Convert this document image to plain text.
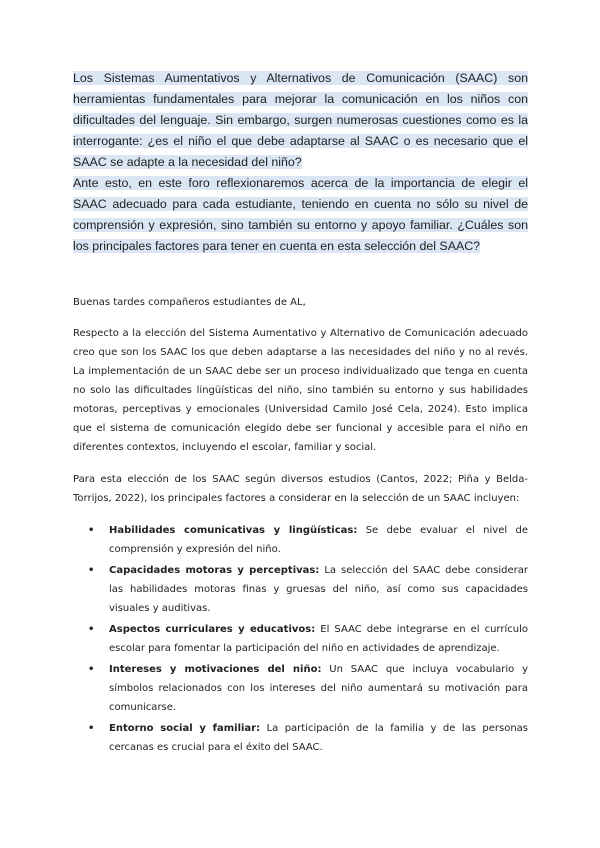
Los Sistemas Aumentativos y Alternativos de Comunicación (SAAC) son herramientas fundamentales para mejorar la comunicación en los niños con dificultades del lenguaje. Sin embargo, surgen numerosas cuestiones como es la interrogante: ¿es el niño el que debe adaptarse al SAAC o es necesario que el SAAC se adapte a la necesidad del niño?

Ante esto, en este foro reflexionaremos acerca de la importancia de elegir el SAAC adecuado para cada estudiante, teniendo en cuenta no sólo su nivel de comprensión y expresión, sino también su entorno y apoyo familiar. ¿Cuáles son los principales factores para tener en cuenta en esta selección del SAAC?

Buenas tardes compañeros estudiantes de AL,

Respecto a la elección del Sistema Aumentativo y Alternativo de Comunicación adecuado creo que son los SAAC los que deben adaptarse a las necesidades del niño y no al revés. La implementación de un SAAC debe ser un proceso individualizado que tenga en cuenta no solo las dificultades lingüísticas del niño, sino también su entorno y sus habilidades motoras, perceptivas y emocionales (Universidad Camilo José Cela, 2024). Esto implica que el sistema de comunicación elegido debe ser funcional y accesible para el niño en diferentes contextos, incluyendo el escolar, familiar y social.

Para esta elección de los SAAC según diversos estudios (Cantos, 2022; Piña y Belda-Torrijos, 2022), los principales factores a considerar en la selección de un SAAC incluyen:

• Habilidades comunicativas y lingüísticas: Se debe evaluar el nivel de comprensión y expresión del niño.
• Capacidades motoras y perceptivas: La selección del SAAC debe considerar las habilidades motoras finas y gruesas del niño, así como sus capacidades visuales y auditivas.
• Aspectos curriculares y educativos: El SAAC debe integrarse en el currículo escolar para fomentar la participación del niño en actividades de aprendizaje.
• Intereses y motivaciones del niño: Un SAAC que incluya vocabulario y símbolos relacionados con los intereses del niño aumentará su motivación para comunicarse.
• Entorno social y familiar: La participación de la familia y de las personas cercanas es crucial para el éxito del SAAC.
